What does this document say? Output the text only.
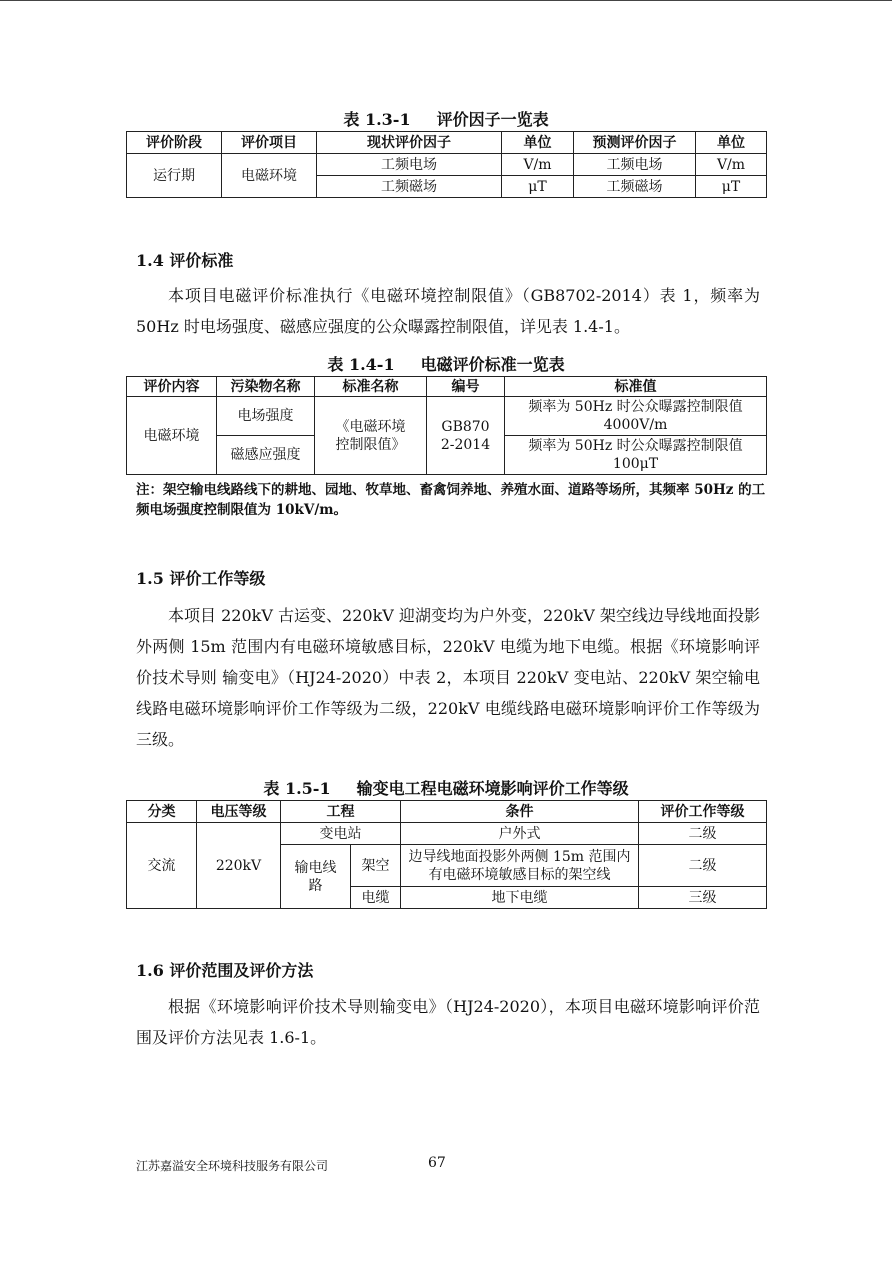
表 1.3-1 评价因子一览表
评价阶段	评价项目	现状评价因子	单位	预测评价因子	单位
运行期	电磁环境	工频电场	V/m	工频电场	V/m
		工频磁场	μT	工频磁场	μT
1.4 评价标准

本项目电磁评价标准执行《电磁环境控制限值》（GB8702-2014）表 1，频率为 50Hz 时电场强度、磁感应强度的公众曝露控制限值，详见表 1.4-1。

表 1.4-1 电磁评价标准一览表
评价内容	污染物名称	标准名称	编号	标准值
电磁环境	电场强度	《电磁环境控制限值》	GB8702-2014	频率为 50Hz 时公众曝露控制限值 4000V/m
	磁感应强度			频率为 50Hz 时公众曝露控制限值 100μT

注：架空输电线路线下的耕地、园地、牧草地、畜禽饲养地、养殖水面、道路等场所，其频率 50Hz 的工频电场强度控制限值为 10kV/m。

1.5 评价工作等级

本项目 220kV 古运变、220kV 迎湖变均为户外变，220kV 架空线边导线地面投影外两侧 15m 范围内有电磁环境敏感目标，220kV 电缆为地下电缆。根据《环境影响评价技术导则 输变电》（HJ24-2020）中表 2，本项目 220kV 变电站、220kV 架空输电线路电磁环境影响评价工作等级为二级，220kV 电缆线路电磁环境影响评价工作等级为三级。

表 1.5-1 输变电工程电磁环境影响评价工作等级
分类	电压等级	工程		条件	评价工作等级
交流	220kV	变电站		户外式	二级
		输电线路	架空	边导线地面投影外两侧 15m 范围内有电磁环境敏感目标的架空线	二级
			电缆	地下电缆	三级
1.6 评价范围及评价方法

根据《环境影响评价技术导则输变电》（HJ24-2020），本项目电磁环境影响评价范围及评价方法见表 1.6-1。

江苏嘉溢安全环境科技服务有限公司	67
